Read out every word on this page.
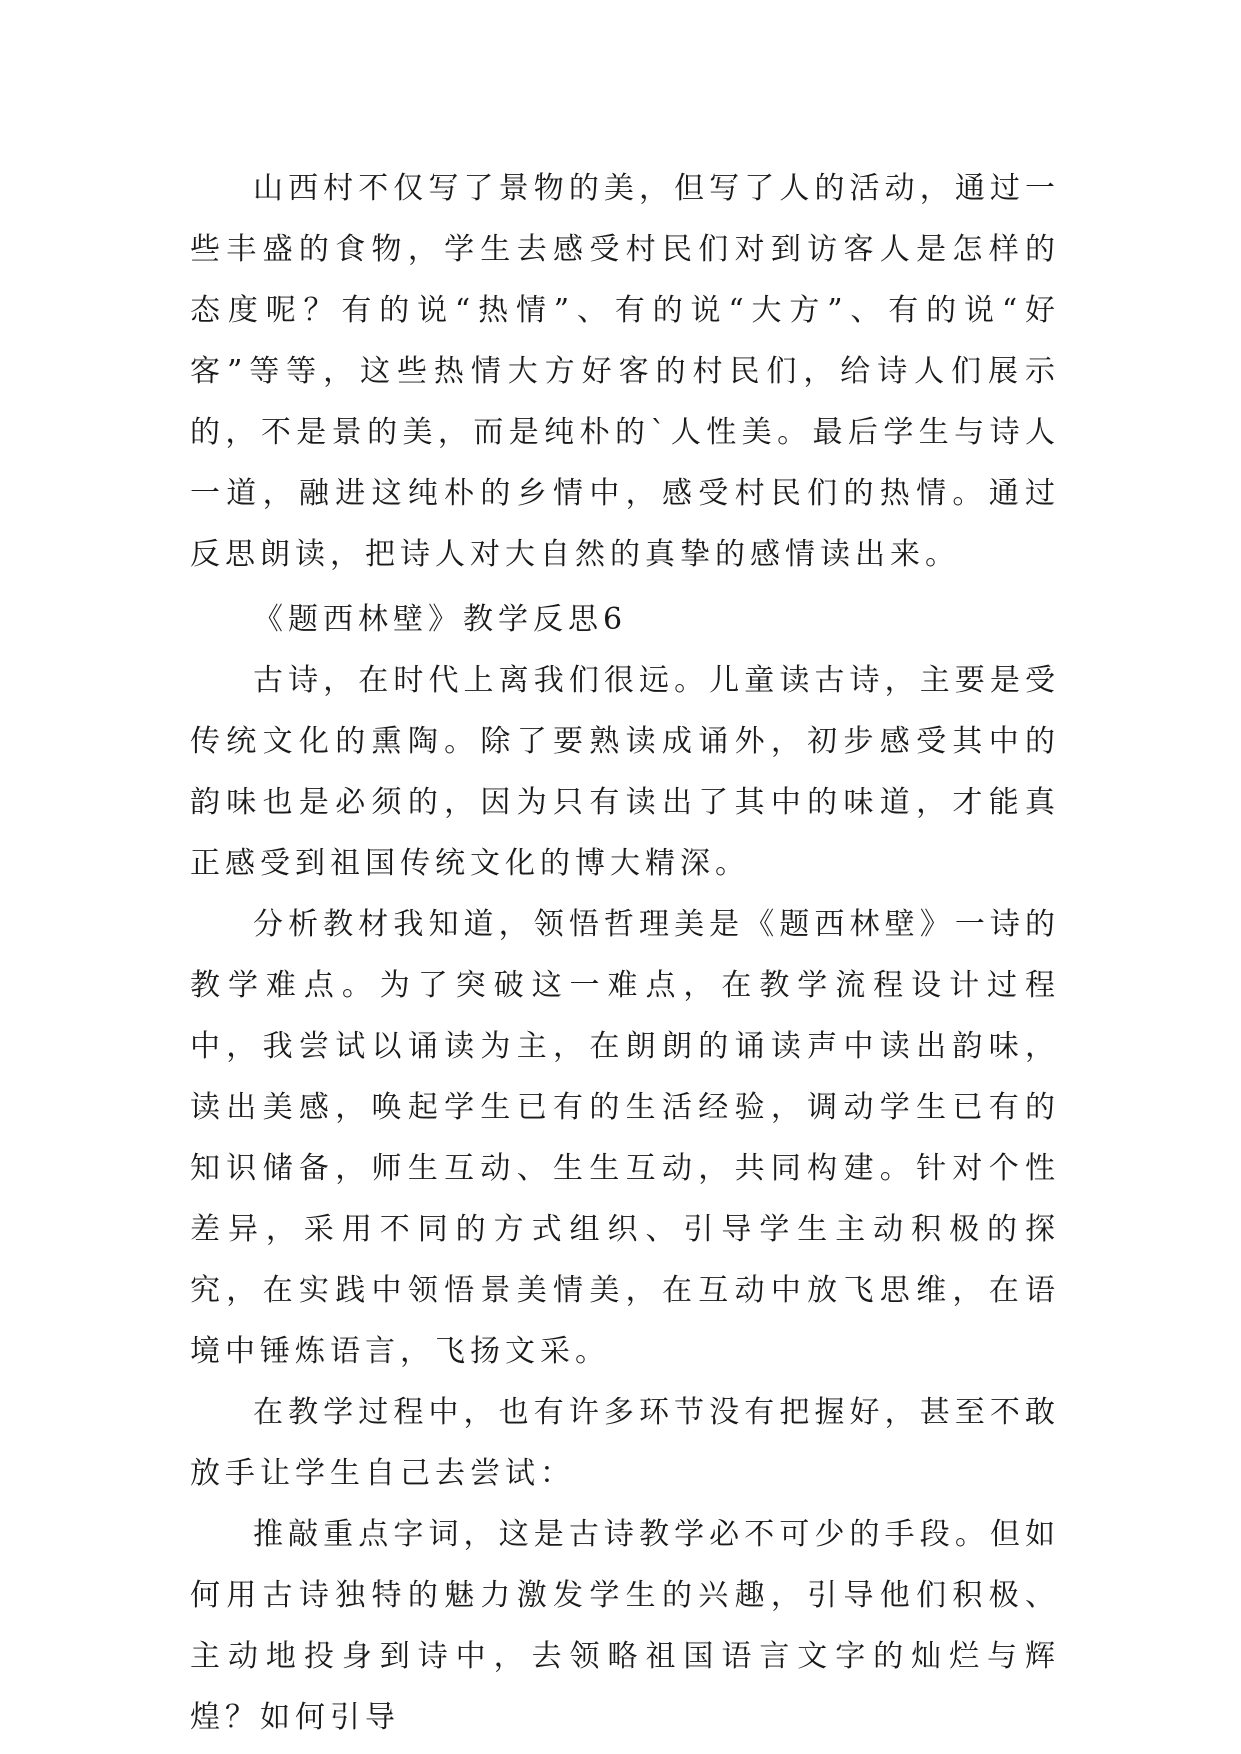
山西村不仅写了景物的美，但写了人的活动，通过一些丰盛的食物，学生去感受村民们对到访客人是怎样的态度呢？有的说“热情”、有的说“大方”、有的说“好客”等等，这些热情大方好客的村民们，给诗人们展示的，不是景的美，而是纯朴的`人性美。最后学生与诗人一道，融进这纯朴的乡情中，感受村民们的热情。通过反思朗读，把诗人对大自然的真挚的感情读出来。

《题西林壁》教学反思6

古诗，在时代上离我们很远。儿童读古诗，主要是受传统文化的熏陶。除了要熟读成诵外，初步感受其中的韵味也是必须的，因为只有读出了其中的味道，才能真正感受到祖国传统文化的博大精深。

分析教材我知道，领悟哲理美是《题西林壁》一诗的教学难点。为了突破这一难点，在教学流程设计过程中，我尝试以诵读为主，在朗朗的诵读声中读出韵味，读出美感，唤起学生已有的生活经验，调动学生已有的知识储备，师生互动、生生互动，共同构建。针对个性差异，采用不同的方式组织、引导学生主动积极的探究，在实践中领悟景美情美，在互动中放飞思维，在语境中锤炼语言，飞扬文采。

在教学过程中，也有许多环节没有把握好，甚至不敢放手让学生自己去尝试：

推敲重点字词，这是古诗教学必不可少的手段。但如何用古诗独特的魅力激发学生的兴趣，引导他们积极、主动地投身到诗中，去领略祖国语言文字的灿烂与辉煌？如何引导
